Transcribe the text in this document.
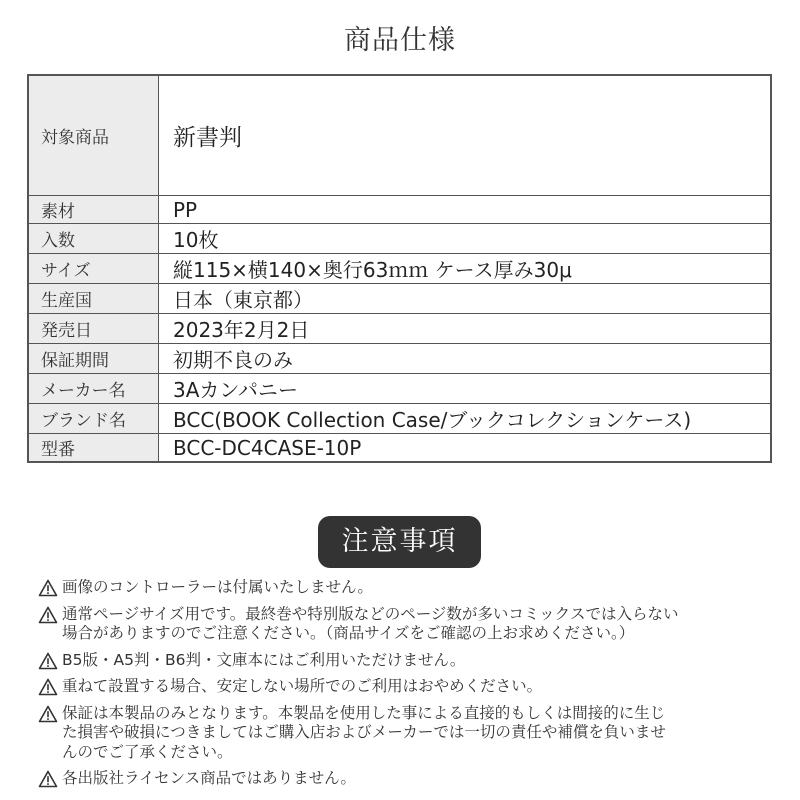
商品仕様
対象商品	新書判
素材	PP
入数	10枚
サイズ	縦115×横140×奥行63ｍｍ ケース厚み30μ
生産国	日本（東京都）
発売日	2023年2月2日
保証期間	初期不良のみ
メーカー名	3Aカンパニー
ブランド名	BCC(BOOK Collection Case/ブックコレクションケース)
型番	BCC-DC4CASE-10P
注意事項
画像のコントローラーは付属いたしません。
通常ページサイズ用です。最終巻や特別版などのページ数が多いコミックスでは入らない
場合がありますのでご注意ください。（商品サイズをご確認の上お求めください。）
B5版・A5判・B6判・文庫本にはご利用いただけません。
重ねて設置する場合、安定しない場所でのご利用はおやめください。
保証は本製品のみとなります。本製品を使用した事による直接的もしくは間接的に生じ
た損害や破損につきましてはご購入店およびメーカーでは一切の責任や補償を負いませ
んのでご了承ください。
各出版社ライセンス商品ではありません。
